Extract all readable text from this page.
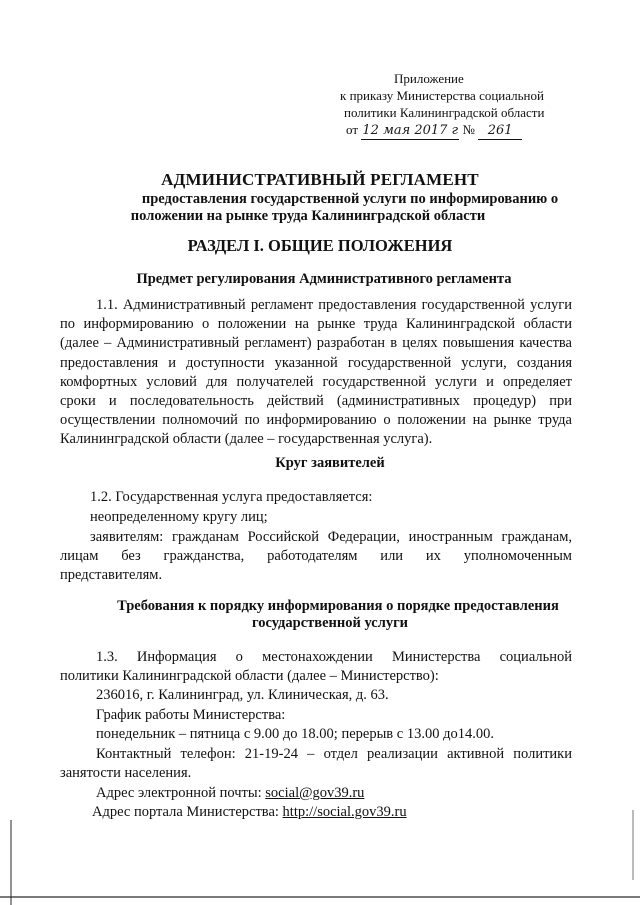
Приложение
к приказу Министерства социальной
политики Калининградской области
от 12 мая 2017 г № 261
АДМИНИСТРАТИВНЫЙ РЕГЛАМЕНТ
предоставления государственной услуги по информированию о
положении на рынке труда Калининградской области
РАЗДЕЛ I. ОБЩИЕ ПОЛОЖЕНИЯ
Предмет регулирования Административного регламента
1.1. Административный регламент предоставления государственной услуги по информированию о положении на рынке труда Калининградской области (далее – Административный регламент) разработан в целях повышения качества предоставления и доступности указанной государственной услуги, создания комфортных условий для получателей государственной услуги и определяет сроки и последовательность действий (административных процедур) при осуществлении полномочий по информированию о положении на рынке труда Калининградской области (далее – государственная услуга).
Круг заявителей
1.2. Государственная услуга предоставляется:
неопределенному кругу лиц;
заявителям: гражданам Российской Федерации, иностранным гражданам,
лицам без гражданства, работодателям или их уполномоченным
представителям.
Требования к порядку информирования о порядке предоставления
государственной услуги
1.3. Информация о местонахождении Министерства социальной
политики Калининградской области (далее – Министерство):
236016, г. Калининград, ул. Клиническая, д. 63.
График работы Министерства:
понедельник – пятница с 9.00 до 18.00; перерыв с 13.00 до14.00.
Контактный телефон: 21-19-24 – отдел реализации активной политики
занятости населения.
Адрес электронной почты: social@gov39.ru
Адрес портала Министерства: http://social.gov39.ru
